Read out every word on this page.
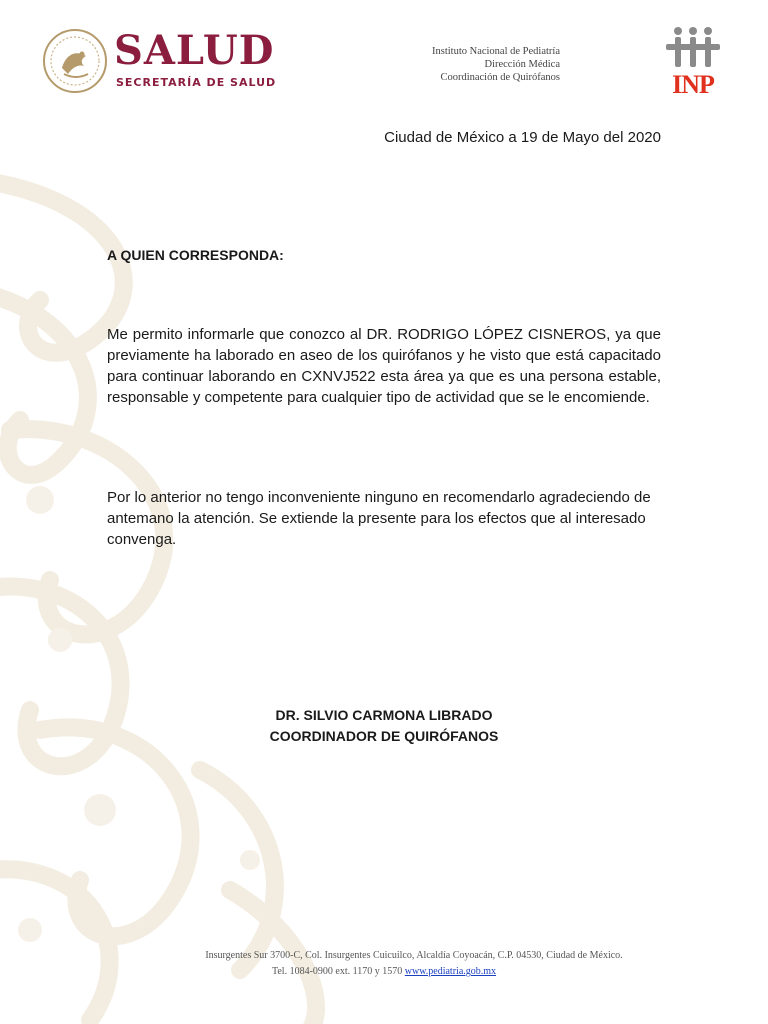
SALUD
SECRETARÍA DE SALUD
Instituto Nacional de Pediatría
Dirección Médica
Coordinación de Quirófanos	INP
Ciudad de México a 19 de Mayo del 2020
A QUIEN CORRESPONDA:
Me permito informarle que conozco al DR. RODRIGO LÓPEZ CISNEROS, ya que previamente ha laborado en aseo de los quirófanos y he visto que está capacitado para continuar laborando en CXNVJ522 esta área ya que es una persona estable, responsable y competente para cualquier tipo de actividad que se le encomiende.
Por lo anterior no tengo inconveniente ninguno en recomendarlo agradeciendo de antemano la atención. Se extiende la presente para los efectos que al interesado convenga.
DR. SILVIO CARMONA LIBRADO
COORDINADOR DE QUIRÓFANOS
Insurgentes Sur 3700-C, Col. Insurgentes Cuicuilco, Alcaldía Coyoacán, C.P. 04530, Ciudad de México.
Tel. 1084-0900 ext. 1170 y 1570 www.pediatria.gob.mx
